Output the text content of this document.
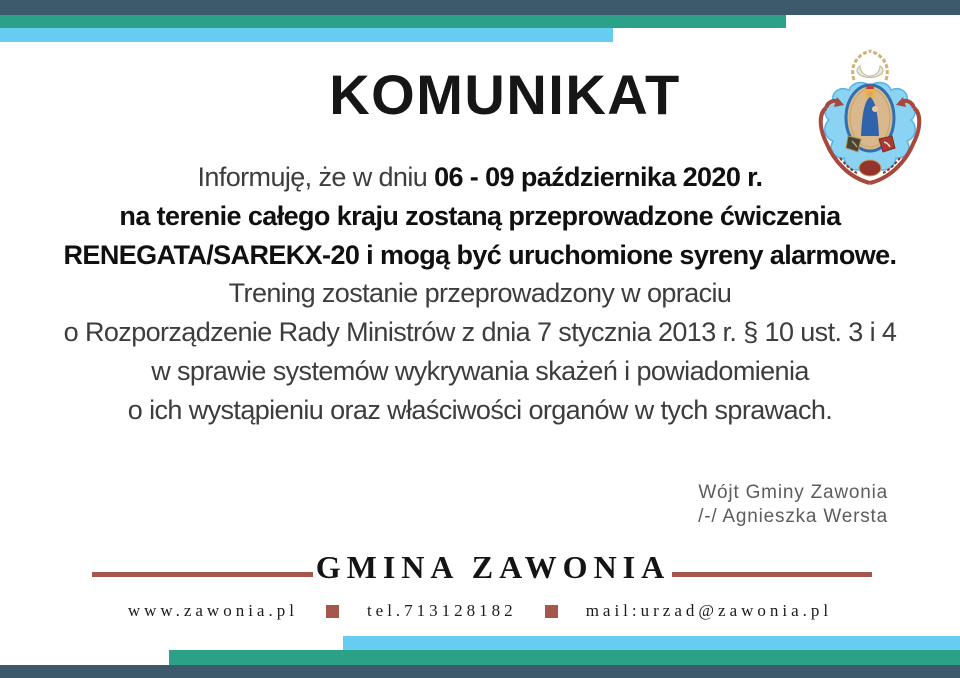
KOMUNIKAT
Informuję, że w dniu 06 - 09 października 2020 r.
na terenie całego kraju zostaną przeprowadzone ćwiczenia
RENEGATA/SAREKX-20 i mogą być uruchomione syreny alarmowe.
Trening zostanie przeprowadzony w opraciu
o Rozporządzenie Rady Ministrów z dnia 7 stycznia 2013 r. § 10 ust. 3 i 4
w sprawie systemów wykrywania skażeń i powiadomienia
o ich wystąpieniu oraz właściwości organów w tych sprawach.
Wójt Gminy Zawonia
/-/ Agnieszka Wersta
GMINA ZAWONIA
www.zawonia.pl	tel.713128182	mail:urzad@zawonia.pl
